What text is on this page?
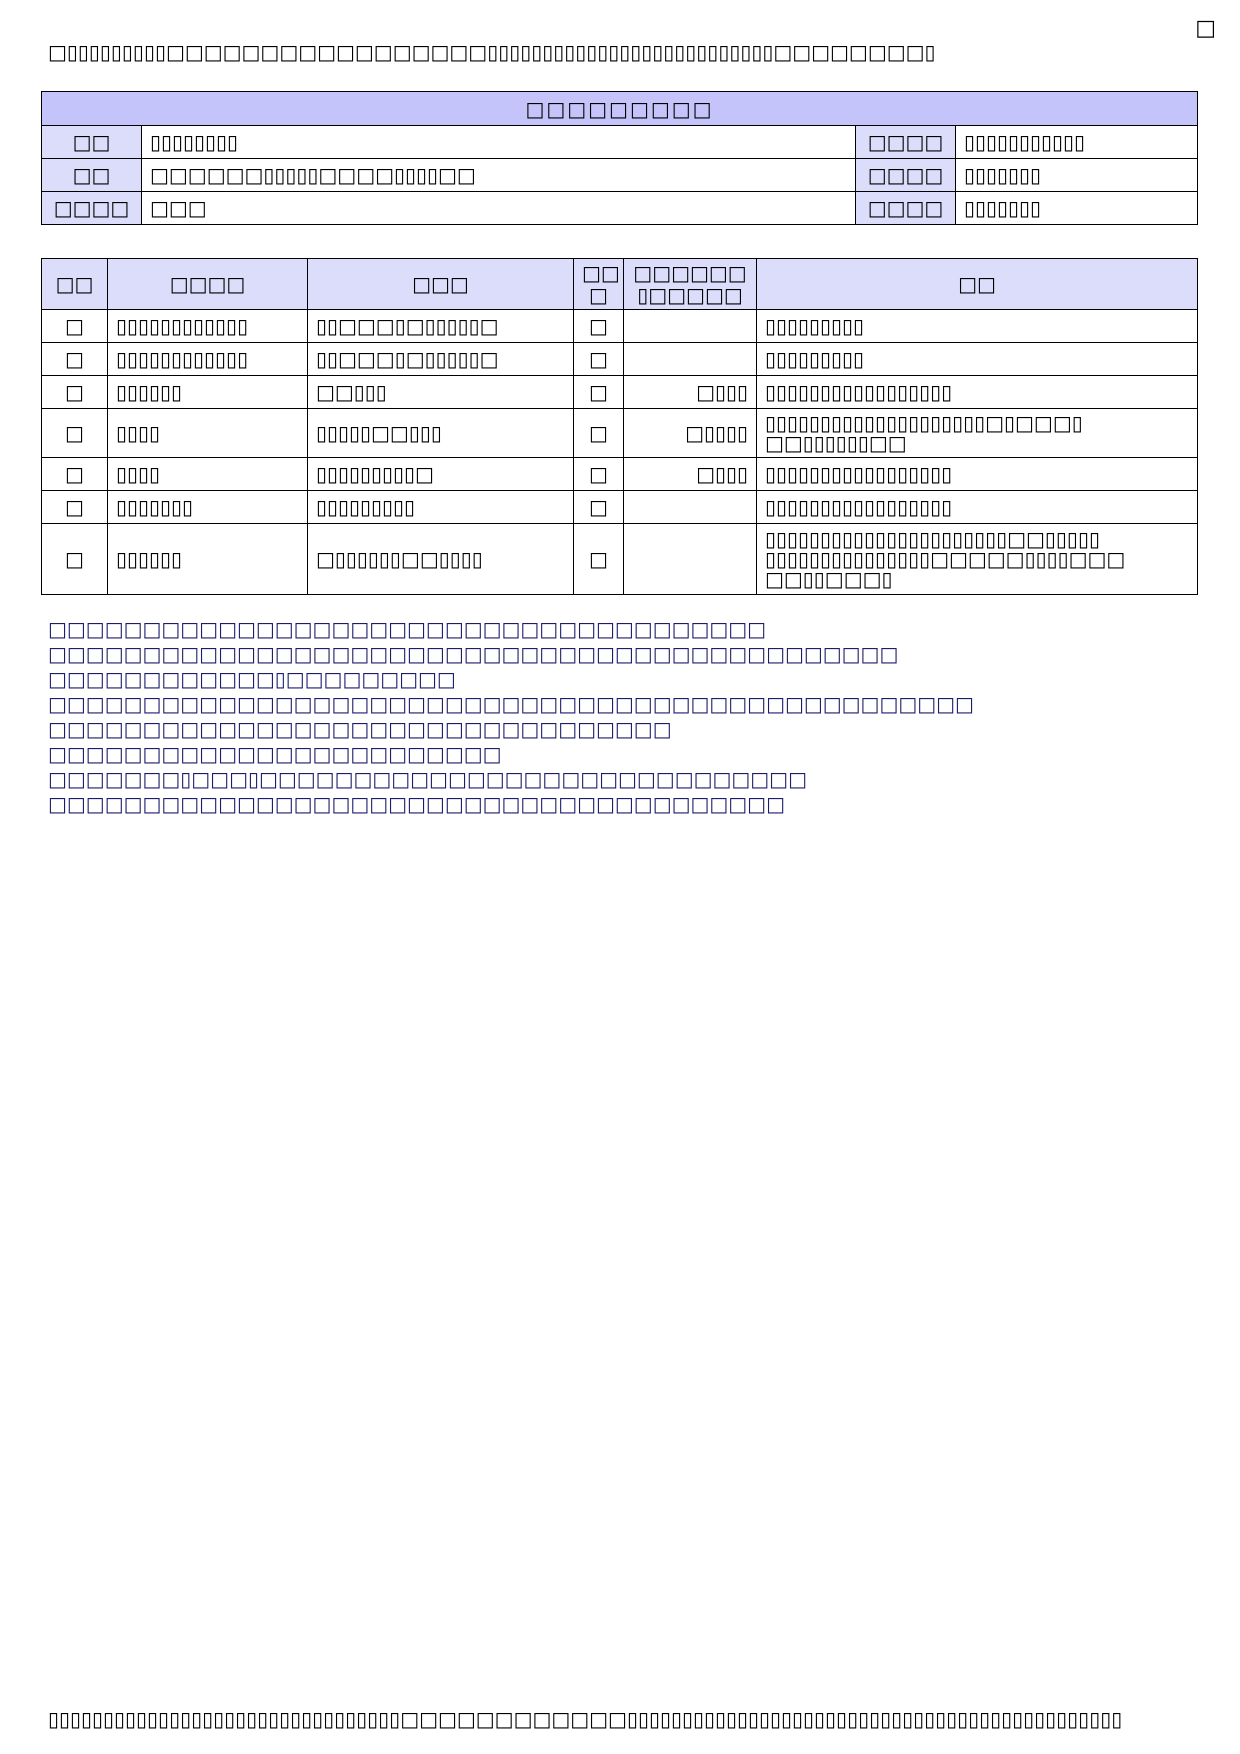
□
□▯▯▯▯▯▯▯▯▯□□□□□□□□□□□□□□□□□▯▯▯▯▯▯▯▯▯▯▯▯▯▯▯▯▯▯▯▯▯▯▯▯▯▯□□□□□□□□▯
□□□□□□□□□			
□□	▯▯▯▯▯▯▯▯	□□□□	▯▯▯▯▯▯▯▯▯▯▯
□□	□□□□□□▯▯▯▯▯□□□□▯▯▯▯□□	□□□□	▯▯▯▯▯▯▯
□□□□	□□□	□□□□	▯▯▯▯▯▯▯
□□	□□□□	□□□	□□ □	□□□□□□ ▯□□□□□	□□
□	▯▯▯▯▯▯▯▯▯▯▯▯	▯▯□□□▯□▯▯▯▯▯□	□		▯▯▯▯▯▯▯▯▯
□	▯▯▯▯▯▯▯▯▯▯▯▯	▯▯□□□▯□▯▯▯▯▯□	□		▯▯▯▯▯▯▯▯▯
□	▯▯▯▯▯▯	□□▯▯▯	□	□▯▯▯	▯▯▯▯▯▯▯▯▯▯▯▯▯▯▯▯▯
□	▯▯▯▯	▯▯▯▯▯□□▯▯▯	□	□▯▯▯▯	▯▯▯▯▯▯▯▯▯▯▯▯▯▯▯▯▯▯▯▯□▯□□□▯ □□▯▯▯▯▯▯□□
□	▯▯▯▯	▯▯▯▯▯▯▯▯▯□	□	□▯▯▯	▯▯▯▯▯▯▯▯▯▯▯▯▯▯▯▯▯
□	▯▯▯▯▯▯▯	▯▯▯▯▯▯▯▯▯	□		▯▯▯▯▯▯▯▯▯▯▯▯▯▯▯▯▯
□	▯▯▯▯▯▯	□▯▯▯▯▯▯□□▯▯▯▯	□		▯▯▯▯▯▯▯▯▯▯▯▯▯▯▯▯▯▯▯▯▯▯□□▯▯▯▯▯ ▯▯▯▯▯▯▯▯▯▯▯▯▯▯▯□□□□□▯▯▯▯□□□ □□▯▯□□□▯
□□□□□□□□□□□□□□□□□□□□□□□□□□□□□□□□□□□□□□
□□□□□□□□□□□□□□□□□□□□□□□□□□□□□□□□□□□□□□□□□□□□□
□□□□□□□□□□□□▯□□□□□□□□□
□□□□□□□□□□□□□□□□□□□□□□□□□□□□□□□□□□□□□□□□□□□□□□□□□
□□□□□□□□□□□□□□□□□□□□□□□□□□□□□□□□□
□□□□□□□□□□□□□□□□□□□□□□□□
□□□□□□□▯□□□▯□□□□□□□□□□□□□□□□□□□□□□□□□□□□□
□□□□□□□□□□□□□□□□□□□□□□□□□□□□□□□□□□□□□□□
▯▯▯▯▯▯▯▯▯▯▯▯▯▯▯▯▯▯▯▯▯▯▯▯▯▯▯▯▯▯▯▯□□□□□□□□□□□□▯▯▯▯▯▯▯▯▯▯▯▯▯▯▯▯▯▯▯▯▯▯▯▯▯▯▯▯▯▯▯▯▯▯▯▯▯▯▯▯▯▯▯▯▯
